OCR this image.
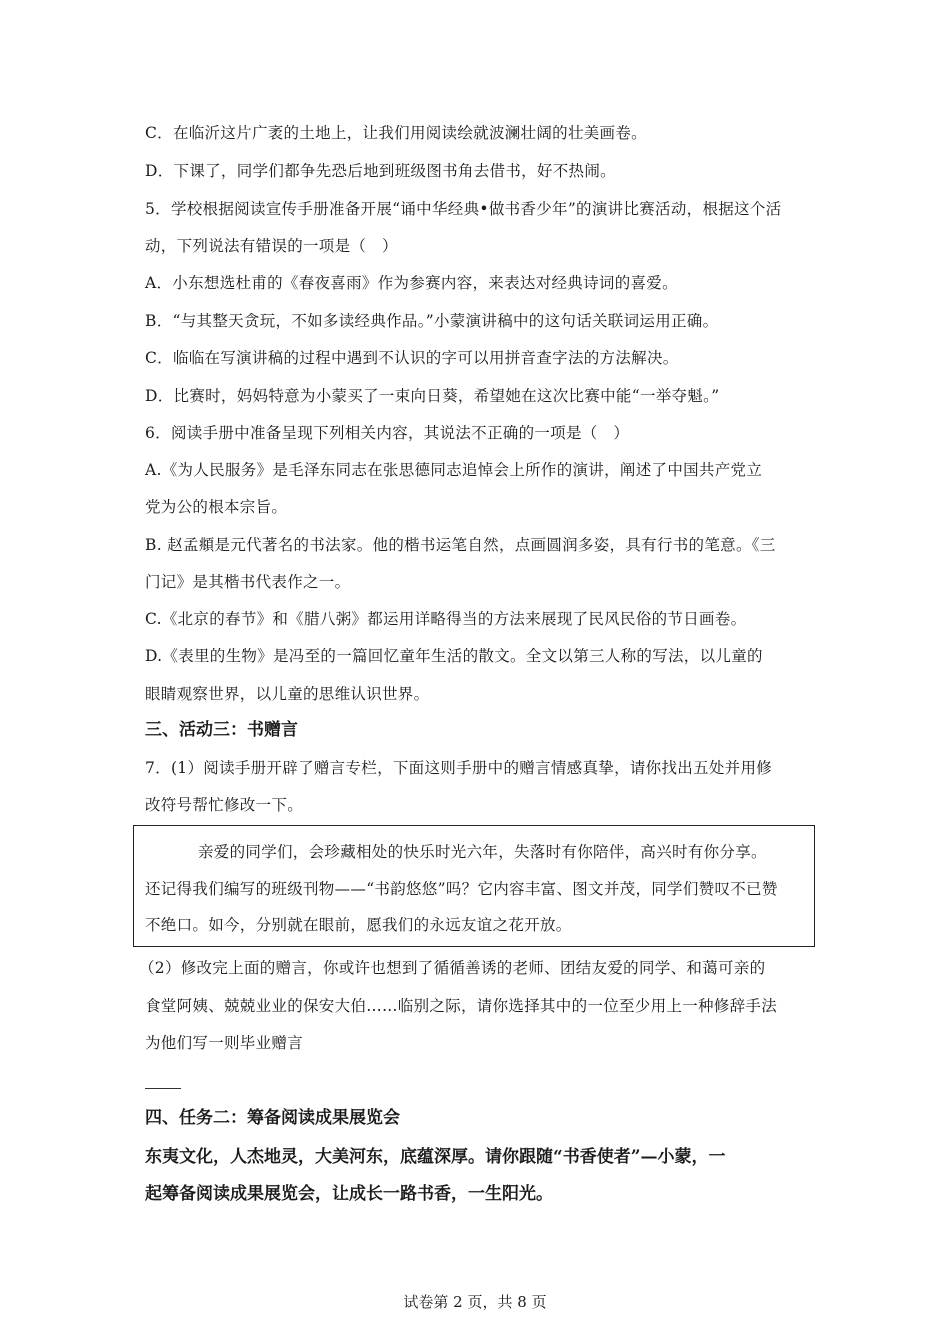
C．在临沂这片广袤的土地上，让我们用阅读绘就波澜壮阔的壮美画卷。
D．下课了，同学们都争先恐后地到班级图书角去借书，好不热闹。
5．学校根据阅读宣传手册准备开展“诵中华经典•做书香少年”的演讲比赛活动，根据这个活
动，下列说法有错误的一项是（　）
A．小东想选杜甫的《春夜喜雨》作为参赛内容，来表达对经典诗词的喜爱。
B．“与其整天贪玩，不如多读经典作品。”小蒙演讲稿中的这句话关联词运用正确。
C．临临在写演讲稿的过程中遇到不认识的字可以用拼音查字法的方法解决。
D．比赛时，妈妈特意为小蒙买了一束向日葵，希望她在这次比赛中能“一举夺魁。”
6．阅读手册中准备呈现下列相关内容，其说法不正确的一项是（　）
A.《为人民服务》是毛泽东同志在张思德同志追悼会上所作的演讲，阐述了中国共产党立
党为公的根本宗旨。
B. 赵孟頫是元代著名的书法家。他的楷书运笔自然，点画圆润多姿，具有行书的笔意。《三
门记》是其楷书代表作之一。
C.《北京的春节》和《腊八粥》都运用详略得当的方法来展现了民风民俗的节日画卷。
D.《表里的生物》是冯至的一篇回忆童年生活的散文。全文以第三人称的写法，以儿童的
眼睛观察世界，以儿童的思维认识世界。
三、活动三：书赠言
7．(1）阅读手册开辟了赠言专栏，下面这则手册中的赠言情感真挚，请你找出五处并用修
改符号帮忙修改一下。
亲爱的同学们，会珍藏相处的快乐时光六年，失落时有你陪伴，高兴时有你分享。
还记得我们编写的班级刊物——“书韵悠悠”吗？它内容丰富、图文并茂，同学们赞叹不已赞
不绝口。如今，分别就在眼前，愿我们的永远友谊之花开放。
（2）修改完上面的赠言，你或许也想到了循循善诱的老师、团结友爱的同学、和蔼可亲的
食堂阿姨、兢兢业业的保安大伯……临别之际，请你选择其中的一位至少用上一种修辞手法
为他们写一则毕业赠言
四、任务二：筹备阅读成果展览会
东夷文化，人杰地灵，大美河东，底蕴深厚。请你跟随“书香使者”—小蒙，一
起筹备阅读成果展览会，让成长一路书香，一生阳光。
试卷第 2 页，共 8 页
